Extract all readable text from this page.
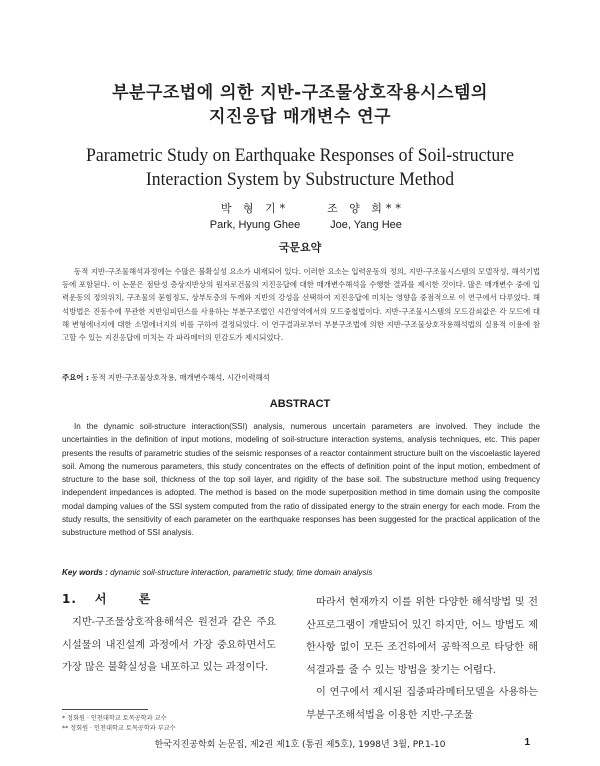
부분구조법에 의한 지반-구조물상호작용시스템의
지진응답 매개변수 연구
Parametric Study on Earthquake Responses of Soil-structure
Interaction System by Substructure Method
박 형 기*
Park, Hyung Ghee
조 양 희**
Joe, Yang Hee
국문요약
동적 지반-구조물해석과정에는 수많은 불확실성 요소가 내재되어 있다. 이러한 요소는 입력운동의 정의, 지반-구조물시스템의 모델작성, 해석기법 등에 포함된다. 이 논문은 점탄성 층상지반상의 원자로건물의 지진응답에 대한 매개변수해석을 수행한 결과를 제시한 것이다. 많은 매개변수 중에 입력운동의 정의위치, 구조물의 묻힘정도, 상부토층의 두께와 지반의 강성을 선택하여 지진응답에 미치는 영향을 중점적으로 이 연구에서 다루었다. 해석방법은 진동수에 무관한 지반임피던스를 사용하는 부분구조법인 시간영역에서의 모드중첩법이다. 지반-구조물시스템의 모드감쇠값은 각 모드에 대해 변형에너지에 대한 소멸에너지의 비를 구하여 결정되었다. 이 연구결과로부터 부분구조법에 의한 지반-구조물상호작용해석법의 실용적 이용에 참고할 수 있는 지진응답에 미치는 각 파라메터의 민감도가 제시되었다.
주요어 : 동적 지반-구조물상호작용, 매개변수해석, 시간이력해석
ABSTRACT
In the dynamic soil-structure interaction(SSI) analysis, numerous uncertain parameters are involved. They include the uncertainties in the definition of input motions, modeling of soil-structure interaction systems, analysis techniques, etc. This paper presents the results of parametric studies of the seismic responses of a reactor containment structure built on the viscoelastic layered soil. Among the numerous parameters, this study concentrates on the effects of definition point of the input motion, embedment of structure to the base soil, thickness of the top soil layer, and rigidity of the base soil. The substructure method using frequency independent impedances is adopted. The method is based on the mode superposition method in time domain using the composite modal damping values of the SSI system computed from the ratio of dissipated energy to the strain energy for each mode. From the study results, the sensitivity of each parameter on the earthquake responses has been suggested for the practical application of the substructure method of SSI analysis.
Key words : dynamic soil-structure interaction, parametric study, time domain analysis
1. 서 론
지반-구조물상호작용해석은 원전과 같은 주요 시설물의 내진설계 과정에서 가장 중요하면서도 가장 많은 불확실성을 내포하고 있는 과정이다.

따라서 현재까지 이를 위한 다양한 해석방법 및 전산프로그램이 개발되어 있긴 하지만, 어느 방법도 제한사항 없이 모든 조건하에서 공학적으로 타당한 해석결과를 줄 수 있는 방법을 찾기는 어렵다.

이 연구에서 제시된 집중파라메터모델을 사용하는 부분구조해석법을 이용한 지반-구조물

* 정회원 · 인천대학교 토목공학과 교수
** 정회원 · 인천대학교 토목공학과 부교수
한국지진공학회 논문집, 제2권 제1호 (통권 제5호), 1998년 3월, PP.1-10	1
